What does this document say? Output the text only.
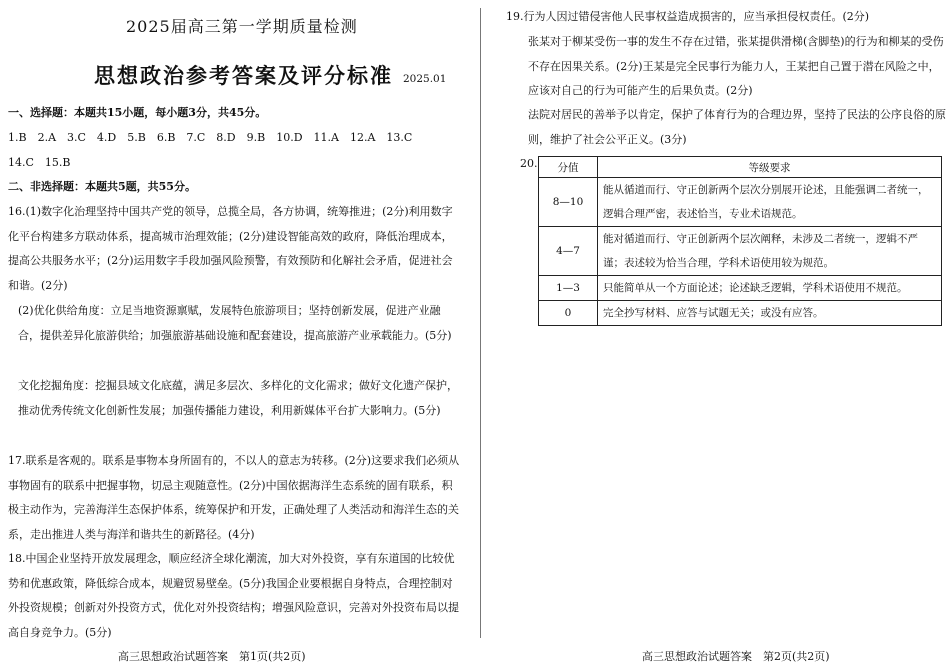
2025届高三第一学期质量检测
思想政治参考答案及评分标准 2025.01
一、选择题：本题共15小题，每小题3分，共45分。
1.B　2.A　3.C　4.D　5.B　6.B　7.C　8.D　9.B　10.D　11.A　12.A　13.C
14.C　15.B
二、非选择题：本题共5题，共55分。
16.(1)数字化治理坚持中国共产党的领导，总揽全局，各方协调，统筹推进；(2分)利用数字化平台构建多方联动体系，提高城市治理效能；(2分)建设智能高效的政府，降低治理成本，提高公共服务水平；(2分)运用数字手段加强风险预警，有效预防和化解社会矛盾，促进社会和谐。(2分)
(2)优化供给角度：立足当地资源禀赋，发展特色旅游项目；坚持创新发展，促进产业融合，提供差异化旅游供给；加强旅游基础设施和配套建设，提高旅游产业承载能力。(5分)
文化挖掘角度：挖掘县域文化底蕴，满足多层次、多样化的文化需求；做好文化遗产保护，推动优秀传统文化创新性发展；加强传播能力建设，利用新媒体平台扩大影响力。(5分)
17.联系是客观的。联系是事物本身所固有的，不以人的意志为转移。(2分)这要求我们必须从事物固有的联系中把握事物，切忌主观随意性。(2分)中国依据海洋生态系统的固有联系，积极主动作为，完善海洋生态保护体系，统筹保护和开发，正确处理了人类活动和海洋生态的关系，走出推进人类与海洋和谐共生的新路径。(4分)
18.中国企业坚持开放发展理念，顺应经济全球化潮流，加大对外投资，享有东道国的比较优势和优惠政策，降低综合成本，规避贸易壁垒。(5分)我国企业要根据自身特点，合理控制对外投资规模；创新对外投资方式，优化对外投资结构；增强风险意识，完善对外投资布局以提高自身竞争力。(5分)
高三思想政治试题答案　第1页(共2页)
19.行为人因过错侵害他人民事权益造成损害的，应当承担侵权责任。(2分)
张某对于柳某受伤一事的发生不存在过错，张某提供滑梯(含脚垫)的行为和柳某的受伤不存在因果关系。(2分)王某是完全民事行为能力人，王某把自己置于潜在风险之中，应该对自己的行为可能产生的后果负责。(2分)
法院对居民的善举予以肯定，保护了体育行为的合理边界，坚持了民法的公序良俗的原则，维护了社会公平正义。(3分)
20. 分值	等级要求
8—10	能从循道而行、守正创新两个层次分别展开论述，且能强调二者统一，逻辑合理严密，表述恰当，专业术语规范。
4—7	能对循道而行、守正创新两个层次阐释，未涉及二者统一，逻辑不严谨；表述较为恰当合理，学科术语使用较为规范。
1—3	只能简单从一个方面论述；论述缺乏逻辑，学科术语使用不规范。
0	完全抄写材料、应答与试题无关；或没有应答。
高三思想政治试题答案　第2页(共2页)
